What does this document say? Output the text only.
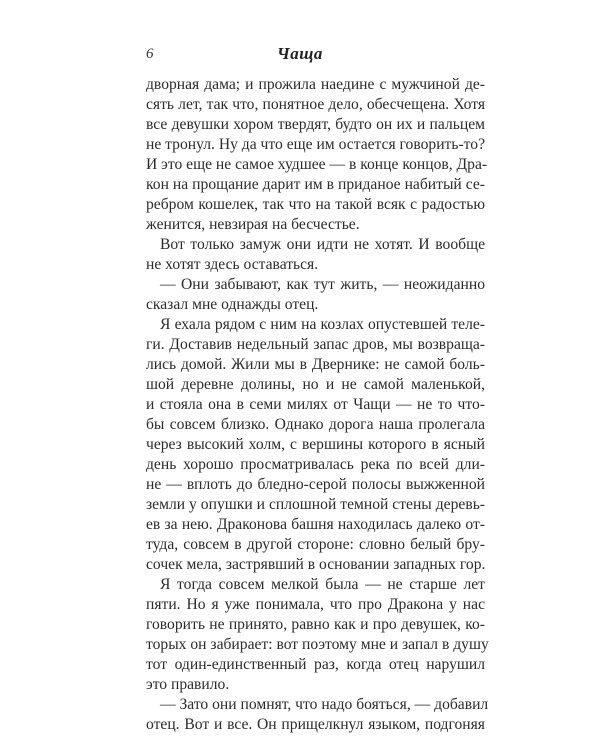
6	Чаща
дворная дама; и прожила наедине с мужчиной де-
сять лет, так что, понятное дело, обесчещена. Хотя
все девушки хором твердят, будто он их и пальцем
не тронул. Ну да что еще им остается говорить-то?
И это еще не самое худшее — в конце концов, Дра-
кон на прощание дарит им в приданое набитый се-
ребром кошелек, так что на такой всяк с радостью
женится, невзирая на бесчестье.
Вот только замуж они идти не хотят. И вообще
не хотят здесь оставаться.
— Они забывают, как тут жить, — неожиданно
сказал мне однажды отец.
Я ехала рядом с ним на козлах опустевшей теле-
ги. Доставив недельный запас дров, мы возвраща-
лись домой. Жили мы в Двернике: не самой боль-
шой деревне долины, но и не самой маленькой,
и стояла она в семи милях от Чащи — не то что-
бы совсем близко. Однако дорога наша пролегала
через высокий холм, с вершины которого в ясный
день хорошо просматривалась река по всей дли-
не — вплоть до бледно-серой полосы выжженной
земли у опушки и сплошной темной стены деревь-
ев за нею. Драконова башня находилась далеко от-
туда, совсем в другой стороне: словно белый бру-
сочек мела, застрявший в основании западных гор.
Я тогда совсем мелкой была — не старше лет
пяти. Но я уже понимала, что про Дракона у нас
говорить не принято, равно как и про девушек, ко-
торых он забирает: вот поэтому мне и запал в душу
тот один-единственный раз, когда отец нарушил
это правило.
— Зато они помнят, что надо бояться, — добавил
отец. Вот и все. Он прищелкнул языком, подгоняя
